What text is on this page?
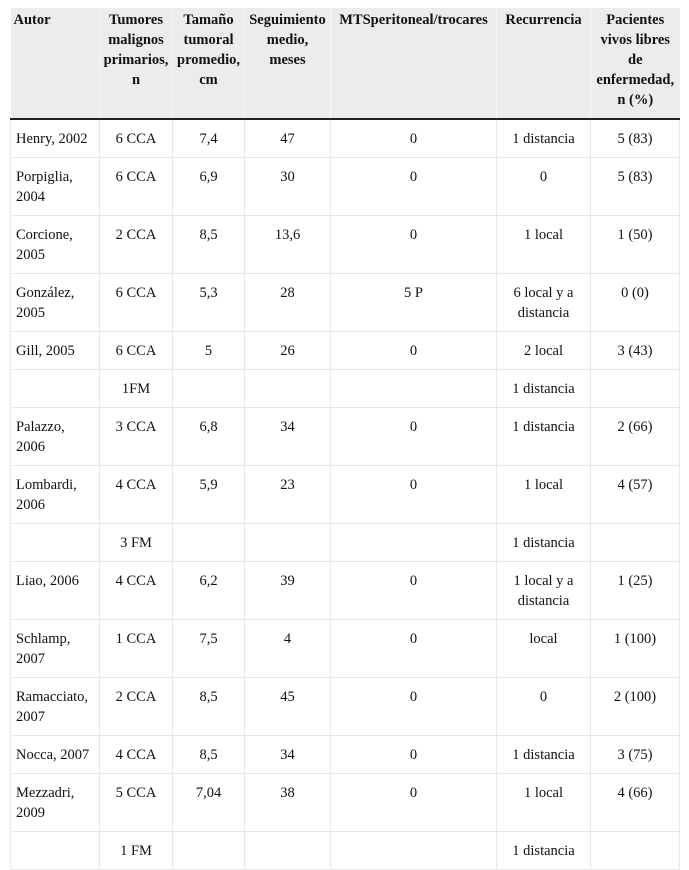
Autor	Tumores malignos primarios, n	Tamaño tumoral promedio, cm	Seguimiento medio, meses	MTSperitoneal/trocares	Recurrencia	Pacientes vivos libres de enfermedad, n (%)
Henry, 2002	6 CCA	7,4	47	0	1 distancia	5 (83)
Porpiglia, 2004	6 CCA	6,9	30	0	0	5 (83)
Corcione, 2005	2 CCA	8,5	13,6	0	1 local	1 (50)
González, 2005	6 CCA	5,3	28	5 P	6 local y a distancia	0 (0)
Gill, 2005	6 CCA	5	26	0	2 local	3 (43)
	1FM				1 distancia	
Palazzo, 2006	3 CCA	6,8	34	0	1 distancia	2 (66)
Lombardi, 2006	4 CCA	5,9	23	0	1 local	4 (57)
	3 FM				1 distancia	
Liao, 2006	4 CCA	6,2	39	0	1 local y a distancia	1 (25)
Schlamp, 2007	1 CCA	7,5	4	0	local	1 (100)
Ramacciato, 2007	2 CCA	8,5	45	0	0	2 (100)
Nocca, 2007	4 CCA	8,5	34	0	1 distancia	3 (75)
Mezzadri, 2009	5 CCA	7,04	38	0	1 local	4 (66)
	1 FM				1 distancia	
